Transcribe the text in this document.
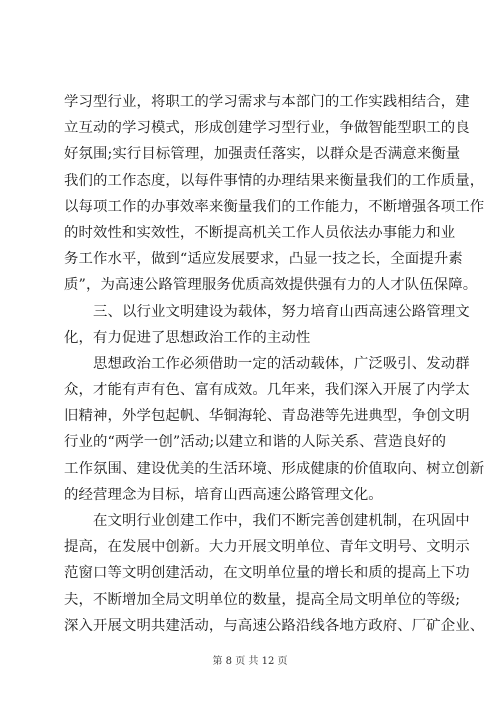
学习型行业，将职工的学习需求与本部门的工作实践相结合，建
立互动的学习模式，形成创建学习型行业，争做智能型职工的良
好氛围;实行目标管理，加强责任落实，以群众是否满意来衡量
我们的工作态度，以每件事情的办理结果来衡量我们的工作质量，
以每项工作的办事效率来衡量我们的工作能力，不断增强各项工作
的时效性和实效性，不断提高机关工作人员依法办事能力和业
务工作水平，做到“适应发展要求，凸显一技之长，全面提升素
质”，为高速公路管理服务优质高效提供强有力的人才队伍保障。
三、以行业文明建设为载体，努力培育山西高速公路管理文
化，有力促进了思想政治工作的主动性
思想政治工作必须借助一定的活动载体，广泛吸引、发动群
众，才能有声有色、富有成效。几年来，我们深入开展了内学太
旧精神，外学包起帆、华铜海轮、青岛港等先进典型，争创文明
行业的“两学一创”活动;以建立和谐的人际关系、营造良好的
工作氛围、建设优美的生活环境、形成健康的价值取向、树立创新
的经营理念为目标，培育山西高速公路管理文化。
在文明行业创建工作中，我们不断完善创建机制，在巩固中
提高，在发展中创新。大力开展文明单位、青年文明号、文明示
范窗口等文明创建活动，在文明单位量的增长和质的提高上下功
夫，不断增加全局文明单位的数量，提高全局文明单位的等级;
深入开展文明共建活动，与高速公路沿线各地方政府、厂矿企业、
第 8 页 共 12 页
